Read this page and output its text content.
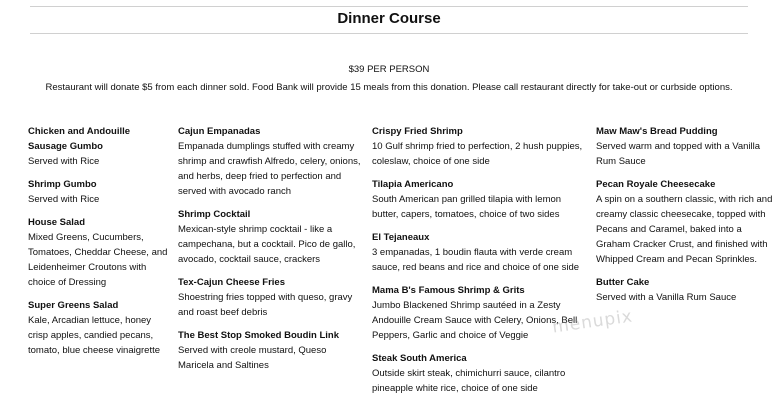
Dinner Course

$39 PER PERSON

Restaurant will donate $5 from each dinner sold. Food Bank will provide 15 meals from this donation. Please call restaurant directly for take-out or curbside options.

Chicken and Andouille Sausage Gumbo
Served with Rice
Shrimp Gumbo
Served with Rice
House Salad
Mixed Greens, Cucumbers, Tomatoes, Cheddar Cheese, and Leidenheimer Croutons with choice of Dressing
Super Greens Salad
Kale, Arcadian lettuce, honey crisp apples, candied pecans, tomato, blue cheese vinaigrette
Cajun Empanadas
Empanada dumplings stuffed with creamy shrimp and crawfish Alfredo, celery, onions, and herbs, deep fried to perfection and served with avocado ranch
Shrimp Cocktail
Mexican-style shrimp cocktail - like a campechana, but a cocktail. Pico de gallo, avocado, cocktail sauce, crackers
Tex-Cajun Cheese Fries
Shoestring fries topped with queso, gravy and roast beef debris
The Best Stop Smoked Boudin Link
Served with creole mustard, Queso Maricela and Saltines
Crispy Fried Shrimp
10 Gulf shrimp fried to perfection, 2 hush puppies, coleslaw, choice of one side
Tilapia Americano
South American pan grilled tilapia with lemon butter, capers, tomatoes, choice of two sides
El Tejaneaux
3 empanadas, 1 boudin flauta with verde cream sauce, red beans and rice and choice of one side
Mama B's Famous Shrimp & Grits
Jumbo Blackened Shrimp sautéed in a Zesty Andouille Cream Sauce with Celery, Onions, Bell Peppers, Garlic and choice of Veggie
Steak South America
Outside skirt steak, chimichurri sauce, cilantro pineapple white rice, choice of one side
Maw Maw's Bread Pudding
Served warm and topped with a Vanilla Rum Sauce
Pecan Royale Cheesecake
A spin on a southern classic, with rich and creamy classic cheesecake, topped with Pecans and Caramel, baked into a Graham Cracker Crust, and finished with Whipped Cream and Pecan Sprinkles.
Butter Cake
Served with a Vanilla Rum Sauce
menupix
